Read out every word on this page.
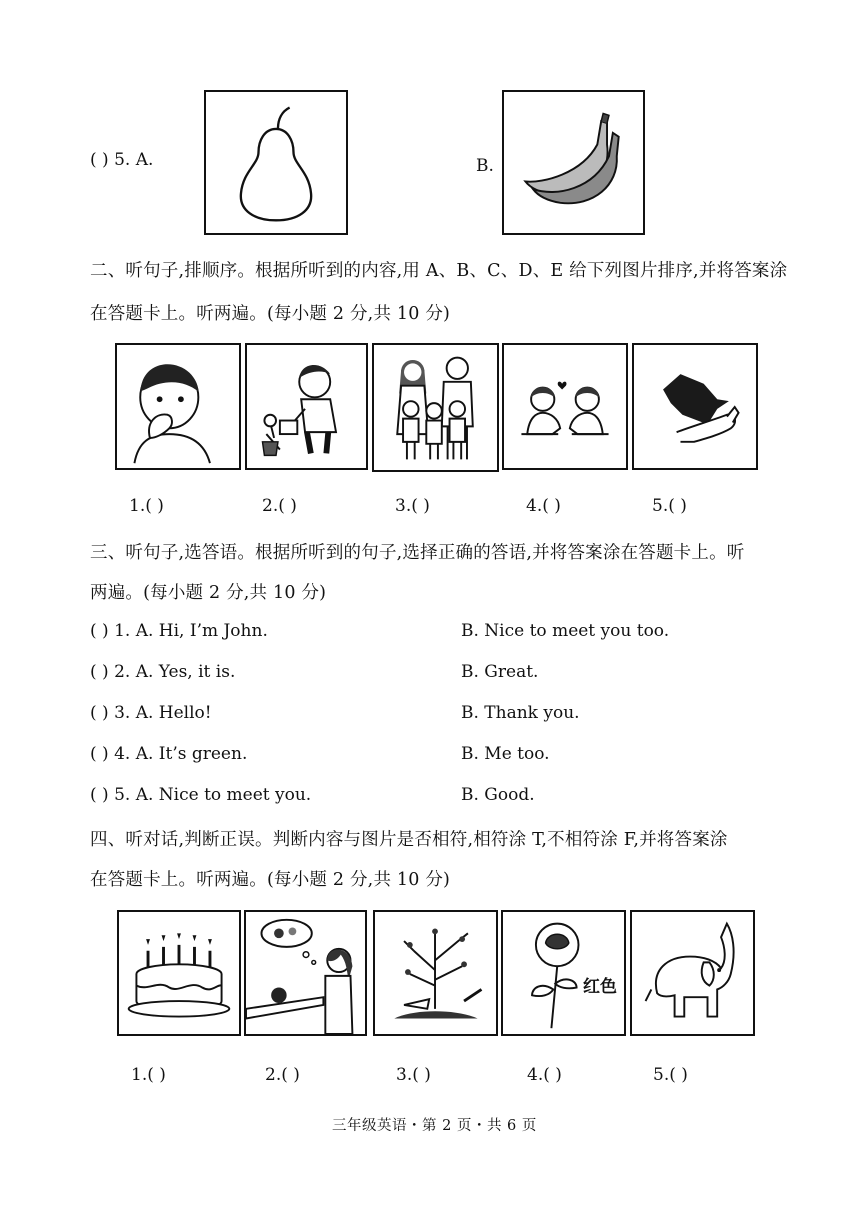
( ) 5. A.	B.
二、听句子,排顺序。根据所听到的内容,用 A、B、C、D、E 给下列图片排序,并将答案涂
在答题卡上。听两遍。(每小题 2 分,共 10 分)
1.( )	2.( )	3.( )	4.( )	5.( )
三、听句子,选答语。根据所听到的句子,选择正确的答语,并将答案涂在答题卡上。听
两遍。(每小题 2 分,共 10 分)
( ) 1. A. Hi, I’m John.	B. Nice to meet you too.
( ) 2. A. Yes, it is.	B. Great.
( ) 3. A. Hello!	B. Thank you.
( ) 4. A. It’s green.	B. Me too.
( ) 5. A. Nice to meet you.	B. Good.
四、听对话,判断正误。判断内容与图片是否相符,相符涂 T,不相符涂 F,并将答案涂
在答题卡上。听两遍。(每小题 2 分,共 10 分)
红色
1.( )	2.( )	3.( )	4.( )	5.( )
三年级英语・第 2 页・共 6 页
